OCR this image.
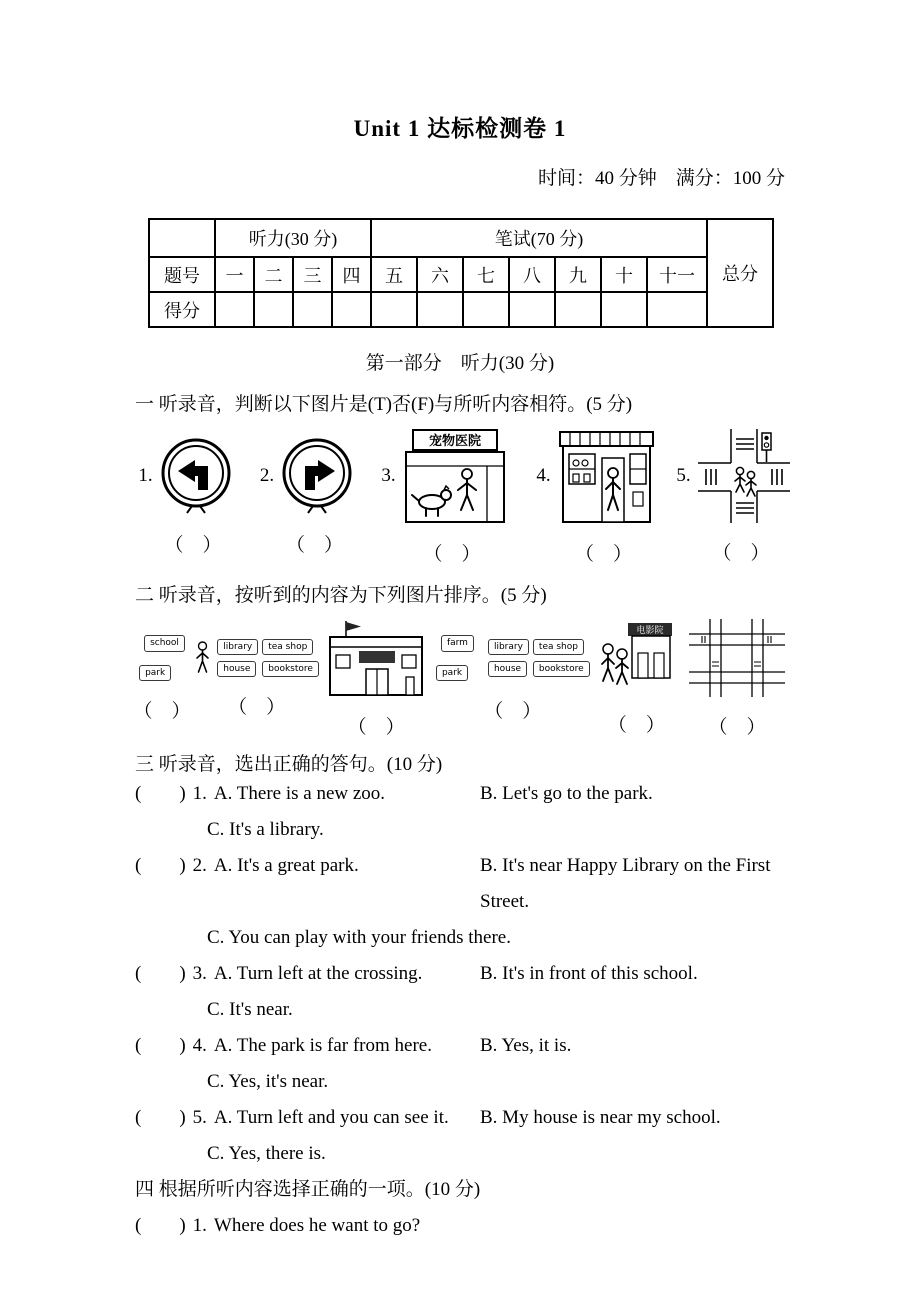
Unit 1 达标检测卷 1
时间：40 分钟　满分：100 分
	听力(30 分)				笔试(70 分)							总分
题号	一	二	三	四	五	六	七	八	九	十	十一	
得分												
第一部分　听力(30 分)
一 听录音，判断以下图片是(T)否(F)与所听内容相符。(5 分)
1.
（　）
2.
（　）
3.
宠物医院
（　）
4.
（　）
5.
（　）
二 听录音，按听到的内容为下列图片排序。(5 分)
school
park
（　）
library	tea shop
house	bookstore
（　）
（　）
farm
park
library	tea shop
house	bookstore
（　）
电影院
（　） （　）
三 听录音，选出正确的答句。(10 分)
(　　) 1. A. There is a new zoo.	B. Let's go to the park.
C. It's a library.
(　　) 2. A. It's a great park.	B. It's near Happy Library on the First Street.
C. You can play with your friends there.
(　　) 3. A. Turn left at the crossing.	B. It's in front of this school.
C. It's near.
(　　) 4. A. The park is far from here.	B. Yes, it is.
C. Yes, it's near.
(　　) 5. A. Turn left and you can see it.	B. My house is near my school.
C. Yes, there is.
四 根据所听内容选择正确的一项。(10 分)
(　　) 1. Where does he want to go?
